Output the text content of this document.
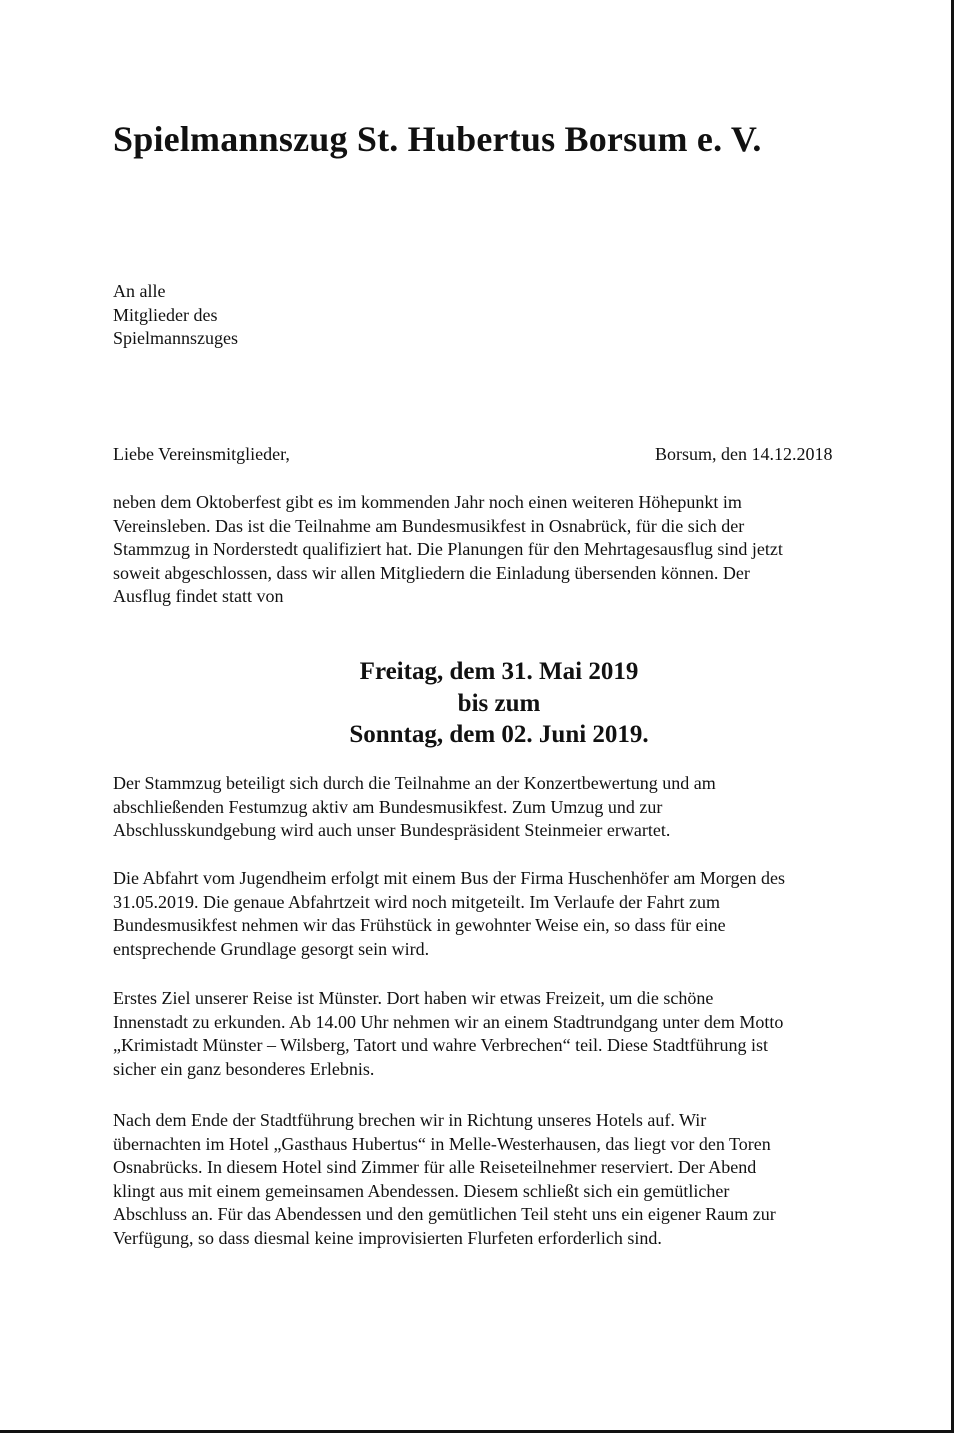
Spielmannszug St. Hubertus Borsum e. V.
An alle
Mitglieder des
Spielmannszuges
Liebe Vereinsmitglieder,	Borsum, den 14.12.2018
neben dem Oktoberfest gibt es im kommenden Jahr noch einen weiteren Höhepunkt im
Vereinsleben. Das ist die Teilnahme am Bundesmusikfest in Osnabrück, für die sich der
Stammzug in Norderstedt qualifiziert hat. Die Planungen für den Mehrtagesausflug sind jetzt
soweit abgeschlossen, dass wir allen Mitgliedern die Einladung übersenden können. Der
Ausflug findet statt von
Freitag, dem 31. Mai 2019
bis zum
Sonntag, dem 02. Juni 2019.
Der Stammzug beteiligt sich durch die Teilnahme an der Konzertbewertung und am
abschließenden Festumzug aktiv am Bundesmusikfest. Zum Umzug und zur
Abschlusskundgebung wird auch unser Bundespräsident Steinmeier erwartet.
Die Abfahrt vom Jugendheim erfolgt mit einem Bus der Firma Huschenhöfer am Morgen des
31.05.2019. Die genaue Abfahrtzeit wird noch mitgeteilt. Im Verlaufe der Fahrt zum
Bundesmusikfest nehmen wir das Frühstück in gewohnter Weise ein, so dass für eine
entsprechende Grundlage gesorgt sein wird.
Erstes Ziel unserer Reise ist Münster. Dort haben wir etwas Freizeit, um die schöne
Innenstadt zu erkunden. Ab 14.00 Uhr nehmen wir an einem Stadtrundgang unter dem Motto
„Krimistadt Münster – Wilsberg, Tatort und wahre Verbrechen“ teil. Diese Stadtführung ist
sicher ein ganz besonderes Erlebnis.
Nach dem Ende der Stadtführung brechen wir in Richtung unseres Hotels auf. Wir
übernachten im Hotel „Gasthaus Hubertus“ in Melle-Westerhausen, das liegt vor den Toren
Osnabrücks. In diesem Hotel sind Zimmer für alle Reiseteilnehmer reserviert. Der Abend
klingt aus mit einem gemeinsamen Abendessen. Diesem schließt sich ein gemütlicher
Abschluss an. Für das Abendessen und den gemütlichen Teil steht uns ein eigener Raum zur
Verfügung, so dass diesmal keine improvisierten Flurfeten erforderlich sind.
